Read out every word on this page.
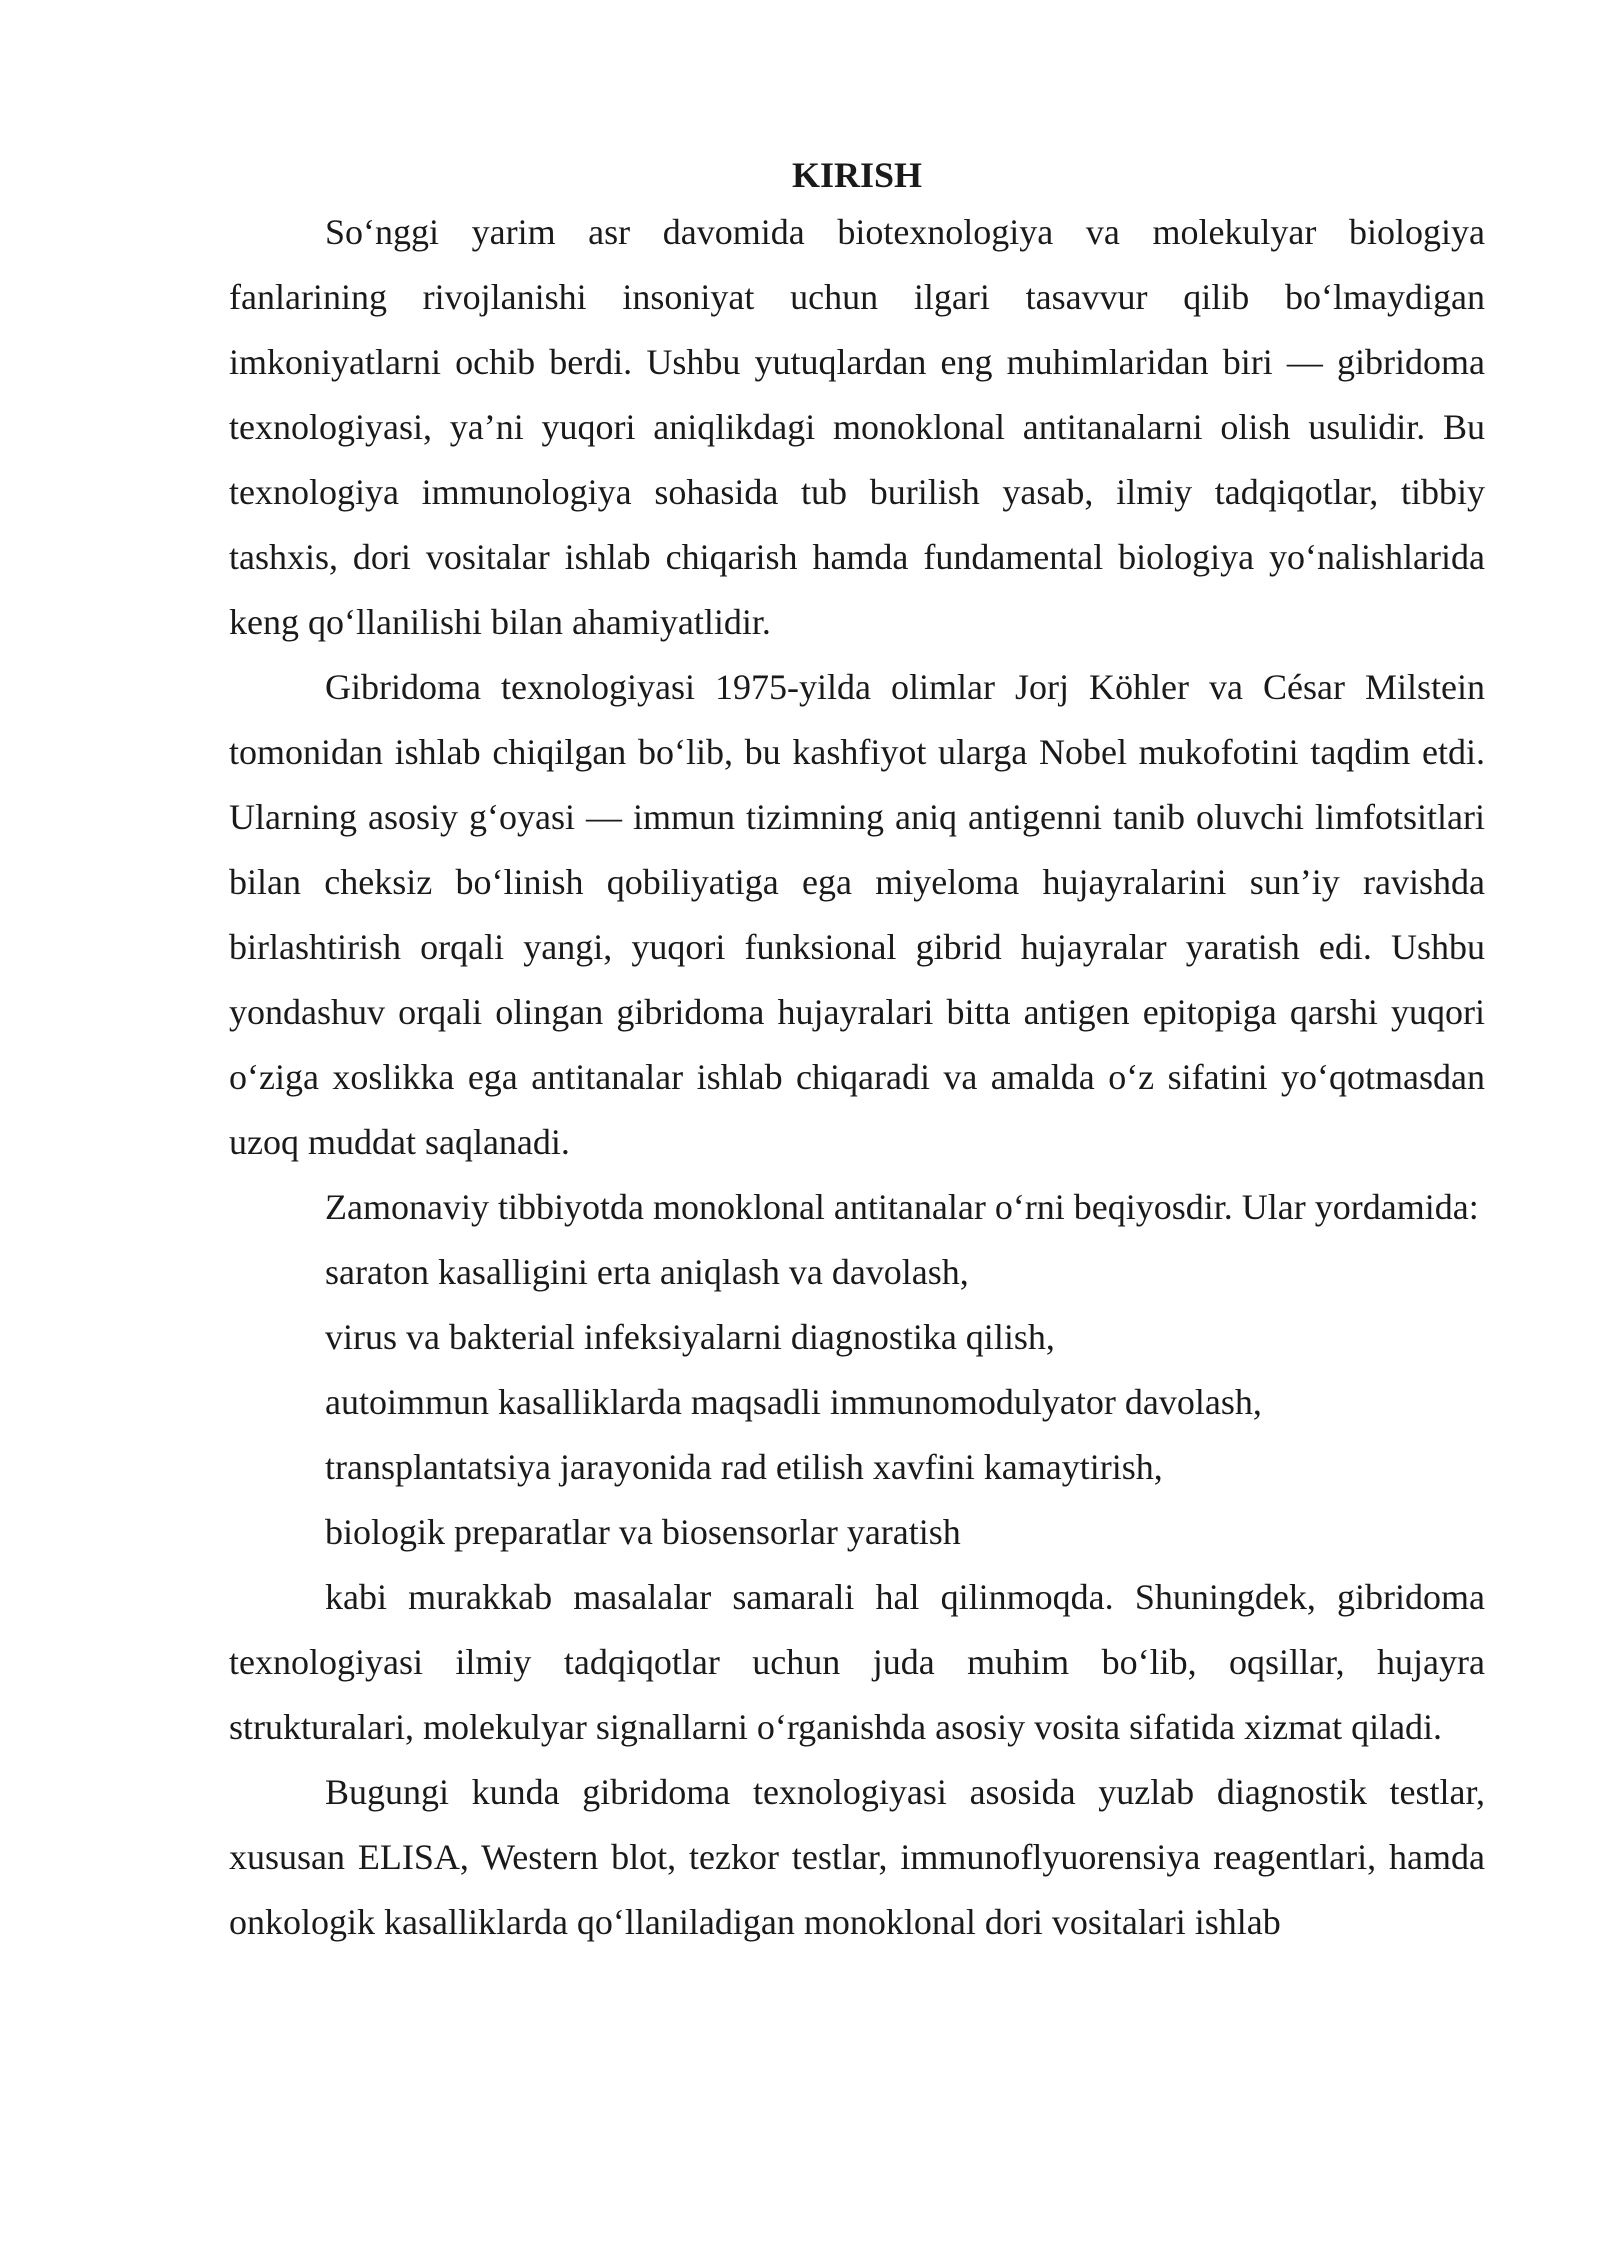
KIRISH

So‘nggi yarim asr davomida biotexnologiya va molekulyar biologiya fanlarining rivojlanishi insoniyat uchun ilgari tasavvur qilib bo‘lmaydigan imkoniyatlarni ochib berdi. Ushbu yutuqlardan eng muhimlaridan biri — gibridoma texnologiyasi, ya’ni yuqori aniqlikdagi monoklonal antitanalarni olish usulidir. Bu texnologiya immunologiya sohasida tub burilish yasab, ilmiy tadqiqotlar, tibbiy tashxis, dori vositalar ishlab chiqarish hamda fundamental biologiya yo‘nalishlarida keng qo‘llanilishi bilan ahamiyatlidir.

Gibridoma texnologiyasi 1975-yilda olimlar Jorj Köhler va César Milstein tomonidan ishlab chiqilgan bo‘lib, bu kashfiyot ularga Nobel mukofotini taqdim etdi. Ularning asosiy g‘oyasi — immun tizimning aniq antigenni tanib oluvchi limfotsitlari bilan cheksiz bo‘linish qobiliyatiga ega miyeloma hujayralarini sun’iy ravishda birlashtirish orqali yangi, yuqori funksional gibrid hujayralar yaratish edi. Ushbu yondashuv orqali olingan gibridoma hujayralari bitta antigen epitopiga qarshi yuqori o‘ziga xoslikka ega antitanalar ishlab chiqaradi va amalda o‘z sifatini yo‘qotmasdan uzoq muddat saqlanadi.

Zamonaviy tibbiyotda monoklonal antitanalar o‘rni beqiyosdir. Ular yordamida:

saraton kasalligini erta aniqlash va davolash,
virus va bakterial infeksiyalarni diagnostika qilish,
autoimmun kasalliklarda maqsadli immunomodulyator davolash,
transplantatsiya jarayonida rad etilish xavfini kamaytirish,
biologik preparatlar va biosensorlar yaratish

kabi murakkab masalalar samarali hal qilinmoqda. Shuningdek, gibridoma texnologiyasi ilmiy tadqiqotlar uchun juda muhim bo‘lib, oqsillar, hujayra strukturalari, molekulyar signallarni o‘rganishda asosiy vosita sifatida xizmat qiladi.

Bugungi kunda gibridoma texnologiyasi asosida yuzlab diagnostik testlar, xususan ELISA, Western blot, tezkor testlar, immunoflyuorensiya reagentlari, hamda onkologik kasalliklarda qo‘llaniladigan monoklonal dori vositalari ishlab
